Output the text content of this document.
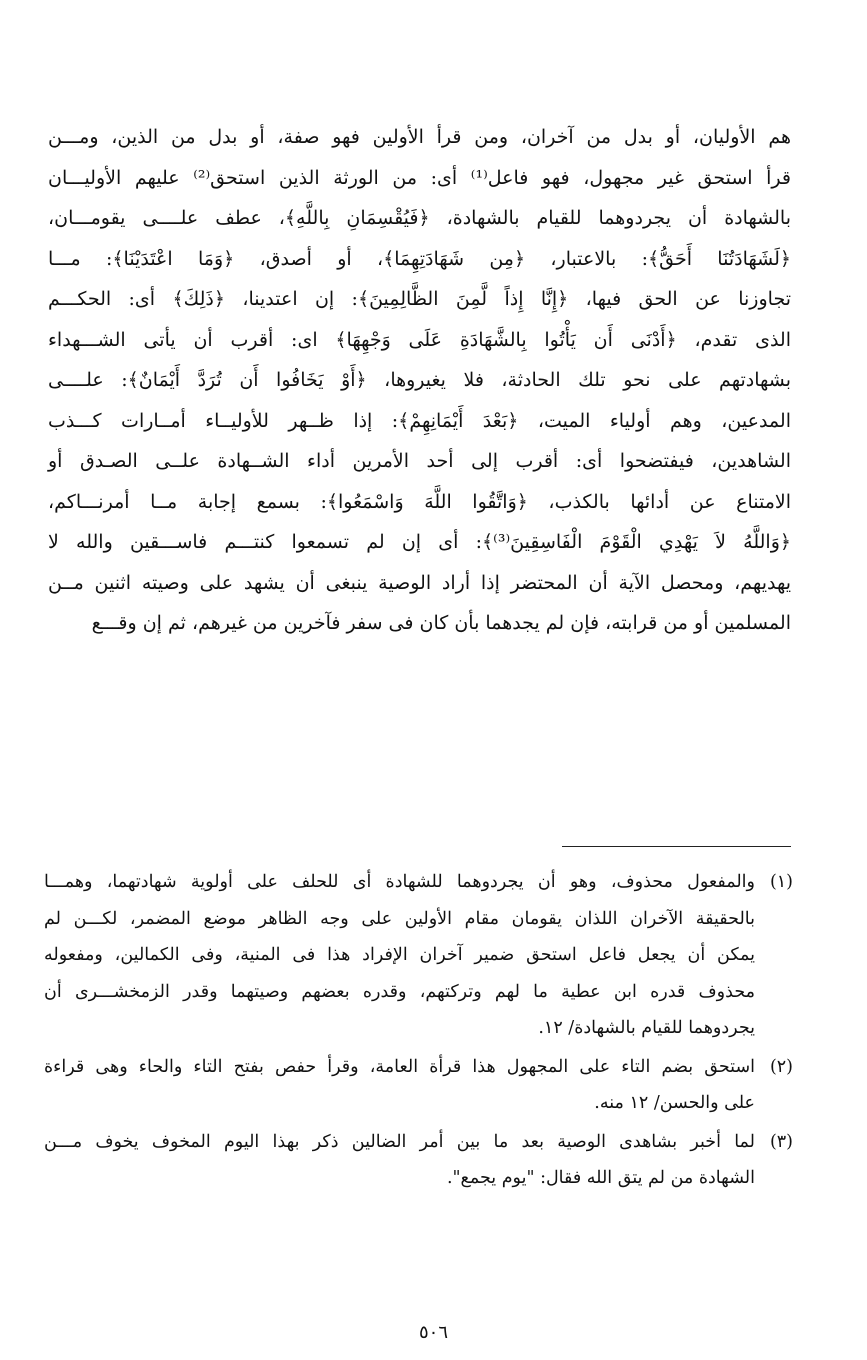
هم الأوليان، أو بدل من آخران، ومن قرأ الأولين فهو صفة، أو بدل من الذين، ومـــن
قرأ استحق غير مجهول، فهو فاعل⁽¹⁾ أى: من الورثة الذين استحق⁽²⁾ عليهم الأوليـــان
بالشهادة أن يجردوهما للقيام بالشهادة، ﴿فَيُقْسِمَانِ بِاللَّهِ﴾، عطف علــــى يقومـــان،
﴿لَشَهَادَتُنَا أَحَقُّ﴾: بالاعتبار، ﴿مِن شَهَادَتِهِمَا﴾، أو أصدق، ﴿وَمَا اعْتَدَيْنَا﴾: مـــا
تجاوزنا عن الحق فيها، ﴿إِنَّا إِذاً لَّمِنَ الظَّالِمِينَ﴾: إن اعتدينا، ﴿ذَلِكَ﴾ أى: الحكـــم
الذى تقدم، ﴿أَدْنَى أَن يَأْتُوا بِالشَّهَادَةِ عَلَى وَجْهِهَا﴾ اى: أقرب أن يأتى الشـــهداء
بشهادتهم على نحو تلك الحادثة، فلا يغيروها، ﴿أَوْ يَخَافُوا أَن تُرَدَّ أَيْمَانٌ﴾: علــــى
المدعين، وهم أولياء الميت، ﴿بَعْدَ أَيْمَانِهِمْ﴾: إذا ظــهر للأوليــاء أمــارات كـــذب
الشاهدين، فيفتضحوا أى: أقرب إلى أحد الأمرين أداء الشــهادة علــى الصـدق أو
الامتناع عن أدائها بالكذب، ﴿وَاتَّقُوا اللَّهَ وَاسْمَعُوا﴾: بسمع إجابة مــا أمرنـــاكم،
﴿وَاللَّهُ لاَ يَهْدِي الْقَوْمَ الْفَاسِقِينَ⁽³⁾﴾: أى إن لم تسمعوا كنتـــم فاســـقين والله لا
يهديهم، ومحصل الآية أن المحتضر إذا أراد الوصية ينبغى أن يشهد على وصيته اثنين مــن
المسلمين أو من قرابته، فإن لم يجدهما بأن كان فى سفر فآخرين من غيرهم، ثم إن وقـــع
(١)والمفعول محذوف، وهو أن يجردوهما للشهادة أى للحلف على أولوية شهادتهما، وهمـــا
بالحقيقة الآخران اللذان يقومان مقام الأولين على وجه الظاهر موضع المضمر، لكـــن لم
يمكن أن يجعل فاعل استحق ضمير آخران الإفراد هذا فى المنية، وفى الكمالين، ومفعوله
محذوف قدره ابن عطية ما لهم وتركتهم، وقدره بعضهم وصيتهما وقدر الزمخشـــرى أن
يجردوهما للقيام بالشهادة/ ١٢.
(٢)استحق بضم التاء على المجهول هذا قرأة العامة، وقرأ حفص بفتح التاء والحاء وهى قراءة
على والحسن/ ١٢ منه.
(٣)لما أخبر بشاهدى الوصية بعد ما بين أمر الضالين ذكر بهذا اليوم المخوف يخوف مـــن
الشهادة من لم يتق الله فقال: "يوم يجمع".
٥٠٦
